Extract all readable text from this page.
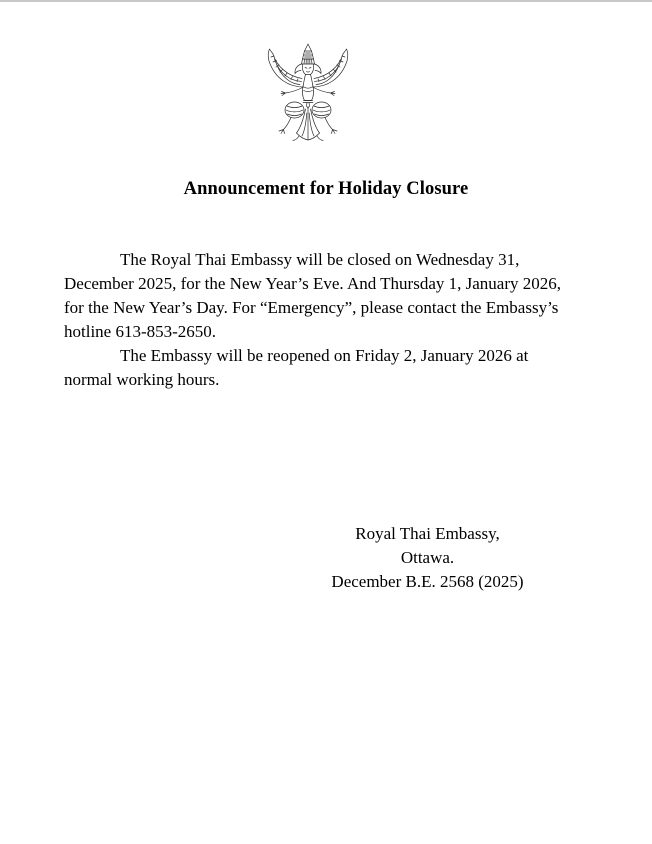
Announcement for Holiday Closure
The Royal Thai Embassy will be closed on Wednesday 31,
December 2025, for the New Year’s Eve. And Thursday 1, January 2026,
for the New Year’s Day. For “Emergency”, please contact the Embassy’s
hotline 613-853-2650.
The Embassy will be reopened on Friday 2, January 2026 at
normal working hours.
Royal Thai Embassy,
Ottawa.
December B.E. 2568 (2025)
